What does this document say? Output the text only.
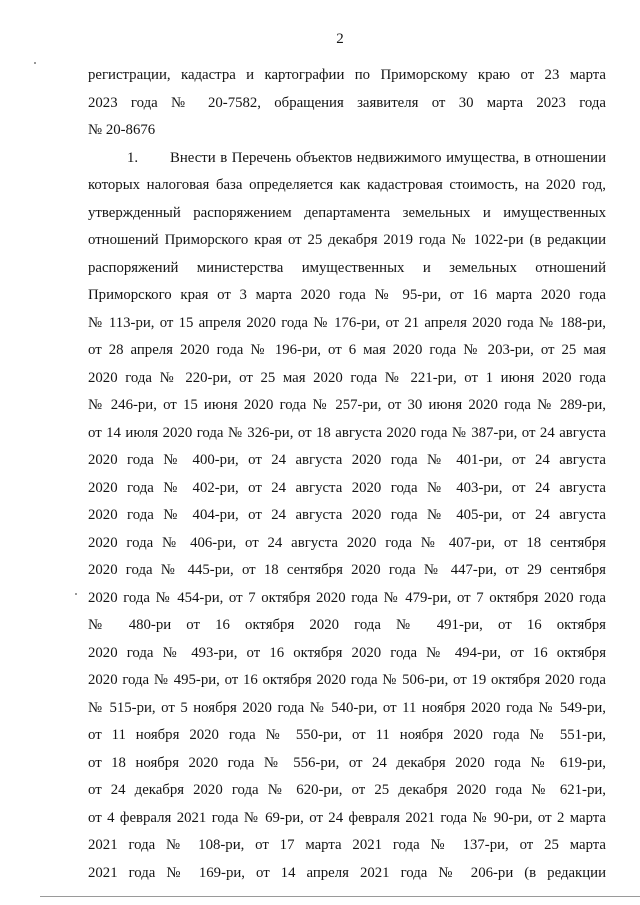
2
регистрации, кадастра и картографии по Приморскому краю от 23 марта
2023 года № 20-7582, обращения заявителя от 30 марта 2023 года
№ 20-8676
1.       Внести в Перечень объектов недвижимого имущества, в отношении
которых налоговая база определяется как кадастровая стоимость, на 2020 год,
утвержденный распоряжением департамента земельных и имущественных
отношений Приморского края от 25 декабря 2019 года № 1022-ри (в редакции
распоряжений министерства имущественных и земельных отношений
Приморского края от 3 марта 2020 года № 95-ри, от 16 марта 2020 года
№ 113-ри, от 15 апреля 2020 года № 176-ри, от 21 апреля 2020 года № 188-ри,
от 28 апреля 2020 года № 196-ри, от 6 мая 2020 года № 203-ри, от 25 мая
2020 года № 220-ри, от 25 мая 2020 года № 221-ри, от 1 июня 2020 года
№ 246-ри, от 15 июня 2020 года № 257-ри, от 30 июня 2020 года № 289-ри,
от 14 июля 2020 года № 326-ри, от 18 августа 2020 года № 387-ри, от 24 августа
2020 года № 400-ри, от 24 августа 2020 года № 401-ри, от 24 августа
2020 года № 402-ри, от 24 августа 2020 года № 403-ри, от 24 августа
2020 года № 404-ри, от 24 августа 2020 года № 405-ри, от 24 августа
2020 года № 406-ри, от 24 августа 2020 года № 407-ри, от 18 сентября
2020 года № 445-ри, от 18 сентября 2020 года № 447-ри, от 29 сентября
2020 года № 454-ри, от 7 октября 2020 года № 479-ри, от 7 октября 2020 года
№ 480-ри от 16 октября 2020 года № 491-ри, от 16 октября
2020 года № 493-ри, от 16 октября 2020 года № 494-ри, от 16 октября
2020 года № 495-ри, от 16 октября 2020 года № 506-ри, от 19 октября 2020 года
№ 515-ри, от 5 ноября 2020 года № 540-ри, от 11 ноября 2020 года № 549-ри,
от 11 ноября 2020 года № 550-ри, от 11 ноября 2020 года № 551-ри,
от 18 ноября 2020 года № 556-ри, от 24 декабря 2020 года № 619-ри,
от 24 декабря 2020 года № 620-ри, от 25 декабря 2020 года № 621-ри,
от 4 февраля 2021 года № 69-ри, от 24 февраля 2021 года № 90-ри, от 2 марта
2021 года № 108-ри, от 17 марта 2021 года № 137-ри, от 25 марта
2021 года № 169-ри, от 14 апреля 2021 года № 206-ри (в редакции
